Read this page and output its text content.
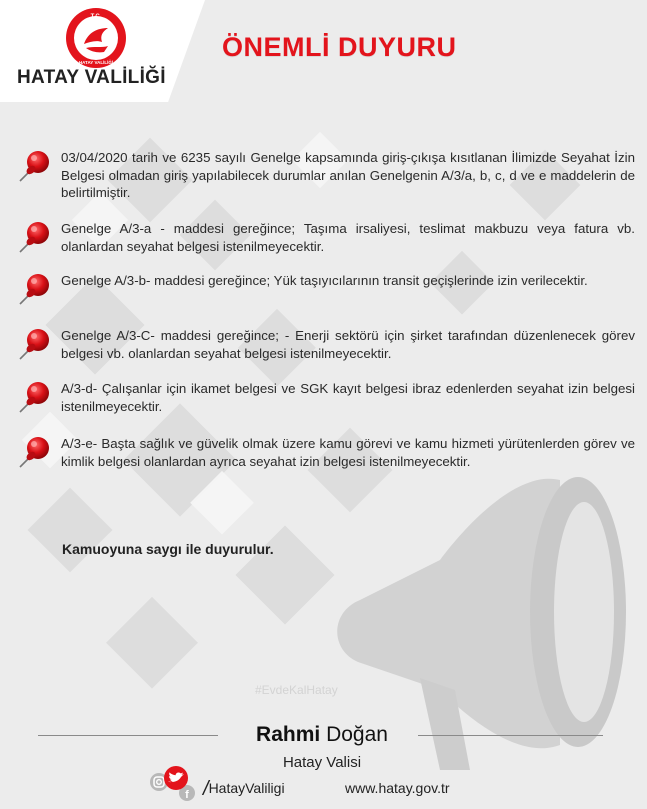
T.C.
HATAY VALİLİĞİ
HATAY VALİLİĞİ
ÖNEMLİ DUYURU
03/04/2020 tarih ve 6235 sayılı Genelge kapsamında giriş-çıkışa kısıtlanan İlimizde Seyahat İzin Belgesi olmadan giriş yapılabilecek durumlar anılan Genelgenin A/3/a, b, c, d ve e maddelerin de belirtilmiştir.
Genelge A/3-a - maddesi gereğince; Taşıma irsaliyesi, teslimat makbuzu veya fatura vb. olanlardan seyahat belgesi istenilmeyecektir.
Genelge A/3-b- maddesi gereğince; Yük taşıyıcılarının transit geçişlerinde izin verilecektir.
Genelge A/3-C- maddesi gereğince; - Enerji sektörü için şirket tarafından düzenlenecek görev belgesi vb. olanlardan seyahat belgesi istenilmeyecektir.
A/3-d- Çalışanlar için ikamet belgesi ve SGK kayıt belgesi ibraz edenlerden seyahat izin belgesi istenilmeyecektir.
A/3-e- Başta sağlık ve güvelik olmak üzere kamu görevi ve kamu hizmeti yürütenlerden görev ve kimlik belgesi olanlardan ayrıca seyahat izin belgesi istenilmeyecektir.
Kamuoyuna saygı ile duyurulur.
#EvdeKalHatay
Rahmi Doğan
Hatay Valisi
f /HatayValiligi	www.hatay.gov.tr
